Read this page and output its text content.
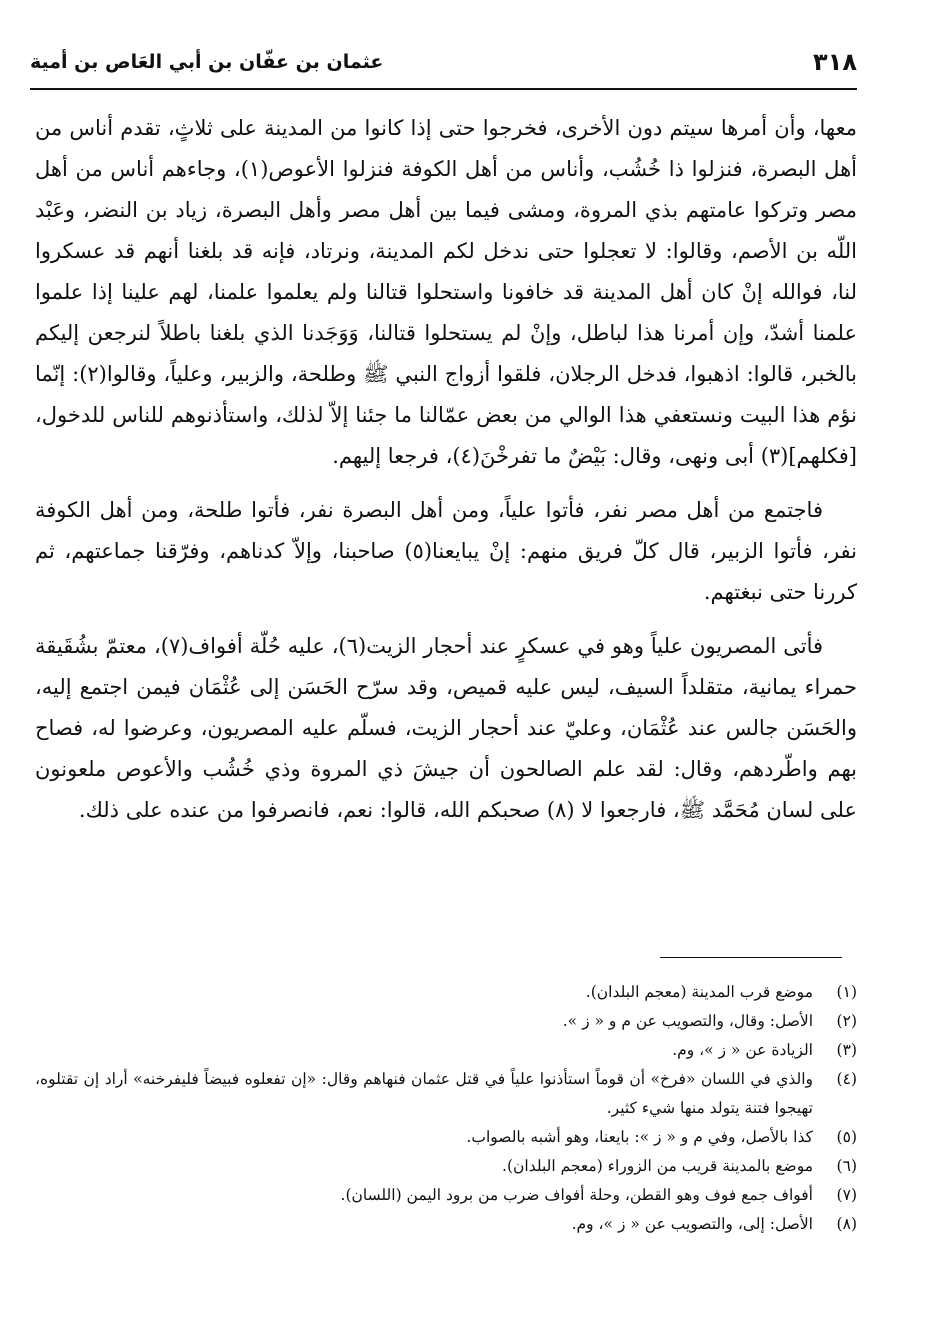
٣١٨
عثمان بن عفّان بن أبي العَاص بن أمية

معها، وأن أمرها سيتم دون الأخرى، فخرجوا حتى إذا كانوا من المدينة على ثلاثٍ، تقدم أناس من أهل البصرة، فنزلوا ذا خُشُب، وأناس من أهل الكوفة فنزلوا الأعوص(١)، وجاءهم أناس من أهل مصر وتركوا عامتهم بذي المروة، ومشى فيما بين أهل مصر وأهل البصرة، زياد بن النضر، وعَبْد اللّه بن الأصم، وقالوا: لا تعجلوا حتى ندخل لكم المدينة، ونرتاد، فإنه قد بلغنا أنهم قد عسكروا لنا، فوالله إنْ كان أهل المدينة قد خافونا واستحلوا قتالنا ولم يعلموا علمنا، لهم علينا إذا علموا علمنا أشدّ، وإن أمرنا هذا لباطل، وإنْ لم يستحلوا قتالنا، وَوَجَدنا الذي بلغنا باطلاً لنرجعن إليكم بالخبر، قالوا: اذهبوا، فدخل الرجلان، فلقوا أزواج النبي ﷺ وطلحة، والزبير، وعلياً، وقالوا(٢): إنّما نؤم هذا البيت ونستعفي هذا الوالي من بعض عمّالنا ما جئنا إلاّ لذلك، واستأذنوهم للناس للدخول، [فكلهم](٣) أبى ونهى، وقال: بَيْضٌ ما تفرخْنَ(٤)، فرجعا إليهم.

فاجتمع من أهل مصر نفر، فأتوا علياً، ومن أهل البصرة نفر، فأتوا طلحة، ومن أهل الكوفة نفر، فأتوا الزبير، قال كلّ فريق منهم: إنْ يبايعنا(٥) صاحبنا، وإلاّ كدناهم، وفرّقنا جماعتهم، ثم كررنا حتى نبغتهم.

فأتى المصريون علياً وهو في عسكرٍ عند أحجار الزيت(٦)، عليه حُلّة أفواف(٧)، معتمّ بشُقَيقة حمراء يمانية، متقلداً السيف، ليس عليه قميص، وقد سرّح الحَسَن إلى عُثْمَان فيمن اجتمع إليه، والحَسَن جالس عند عُثْمَان، وعليّ عند أحجار الزيت، فسلّم عليه المصريون، وعرضوا له، فصاح بهم واطّردهم، وقال: لقد علم الصالحون أن جيشَ ذي المروة وذي خُشُب والأعوص ملعونون على لسان مُحَمَّد ﷺ، فارجعوا لا (٨) صحبكم الله، قالوا: نعم، فانصرفوا من عنده على ذلك.

(١)
موضع قرب المدينة (معجم البلدان).
(٢)
الأصل: وقال، والتصويب عن م و « ز ».
(٣)
الزيادة عن « ز »، وم.
(٤)
والذي في اللسان «فرخ» أن قوماً استأذنوا علياً في قتل عثمان فنهاهم وقال: «إن تفعلوه فبيضاً فليفرخنه» أراد إن تقتلوه، تهيجوا فتنة يتولد منها شيء كثير.
(٥)
كذا بالأصل، وفي م و « ز »: بايعنا، وهو أشبه بالصواب.
(٦)
موضع بالمدينة قريب من الزوراء (معجم البلدان).
(٧)
أفواف جمع فوف وهو القطن، وحلة أفواف ضرب من برود اليمن (اللسان).
(٨)
الأصل: إلى، والتصويب عن « ز »، وم.
